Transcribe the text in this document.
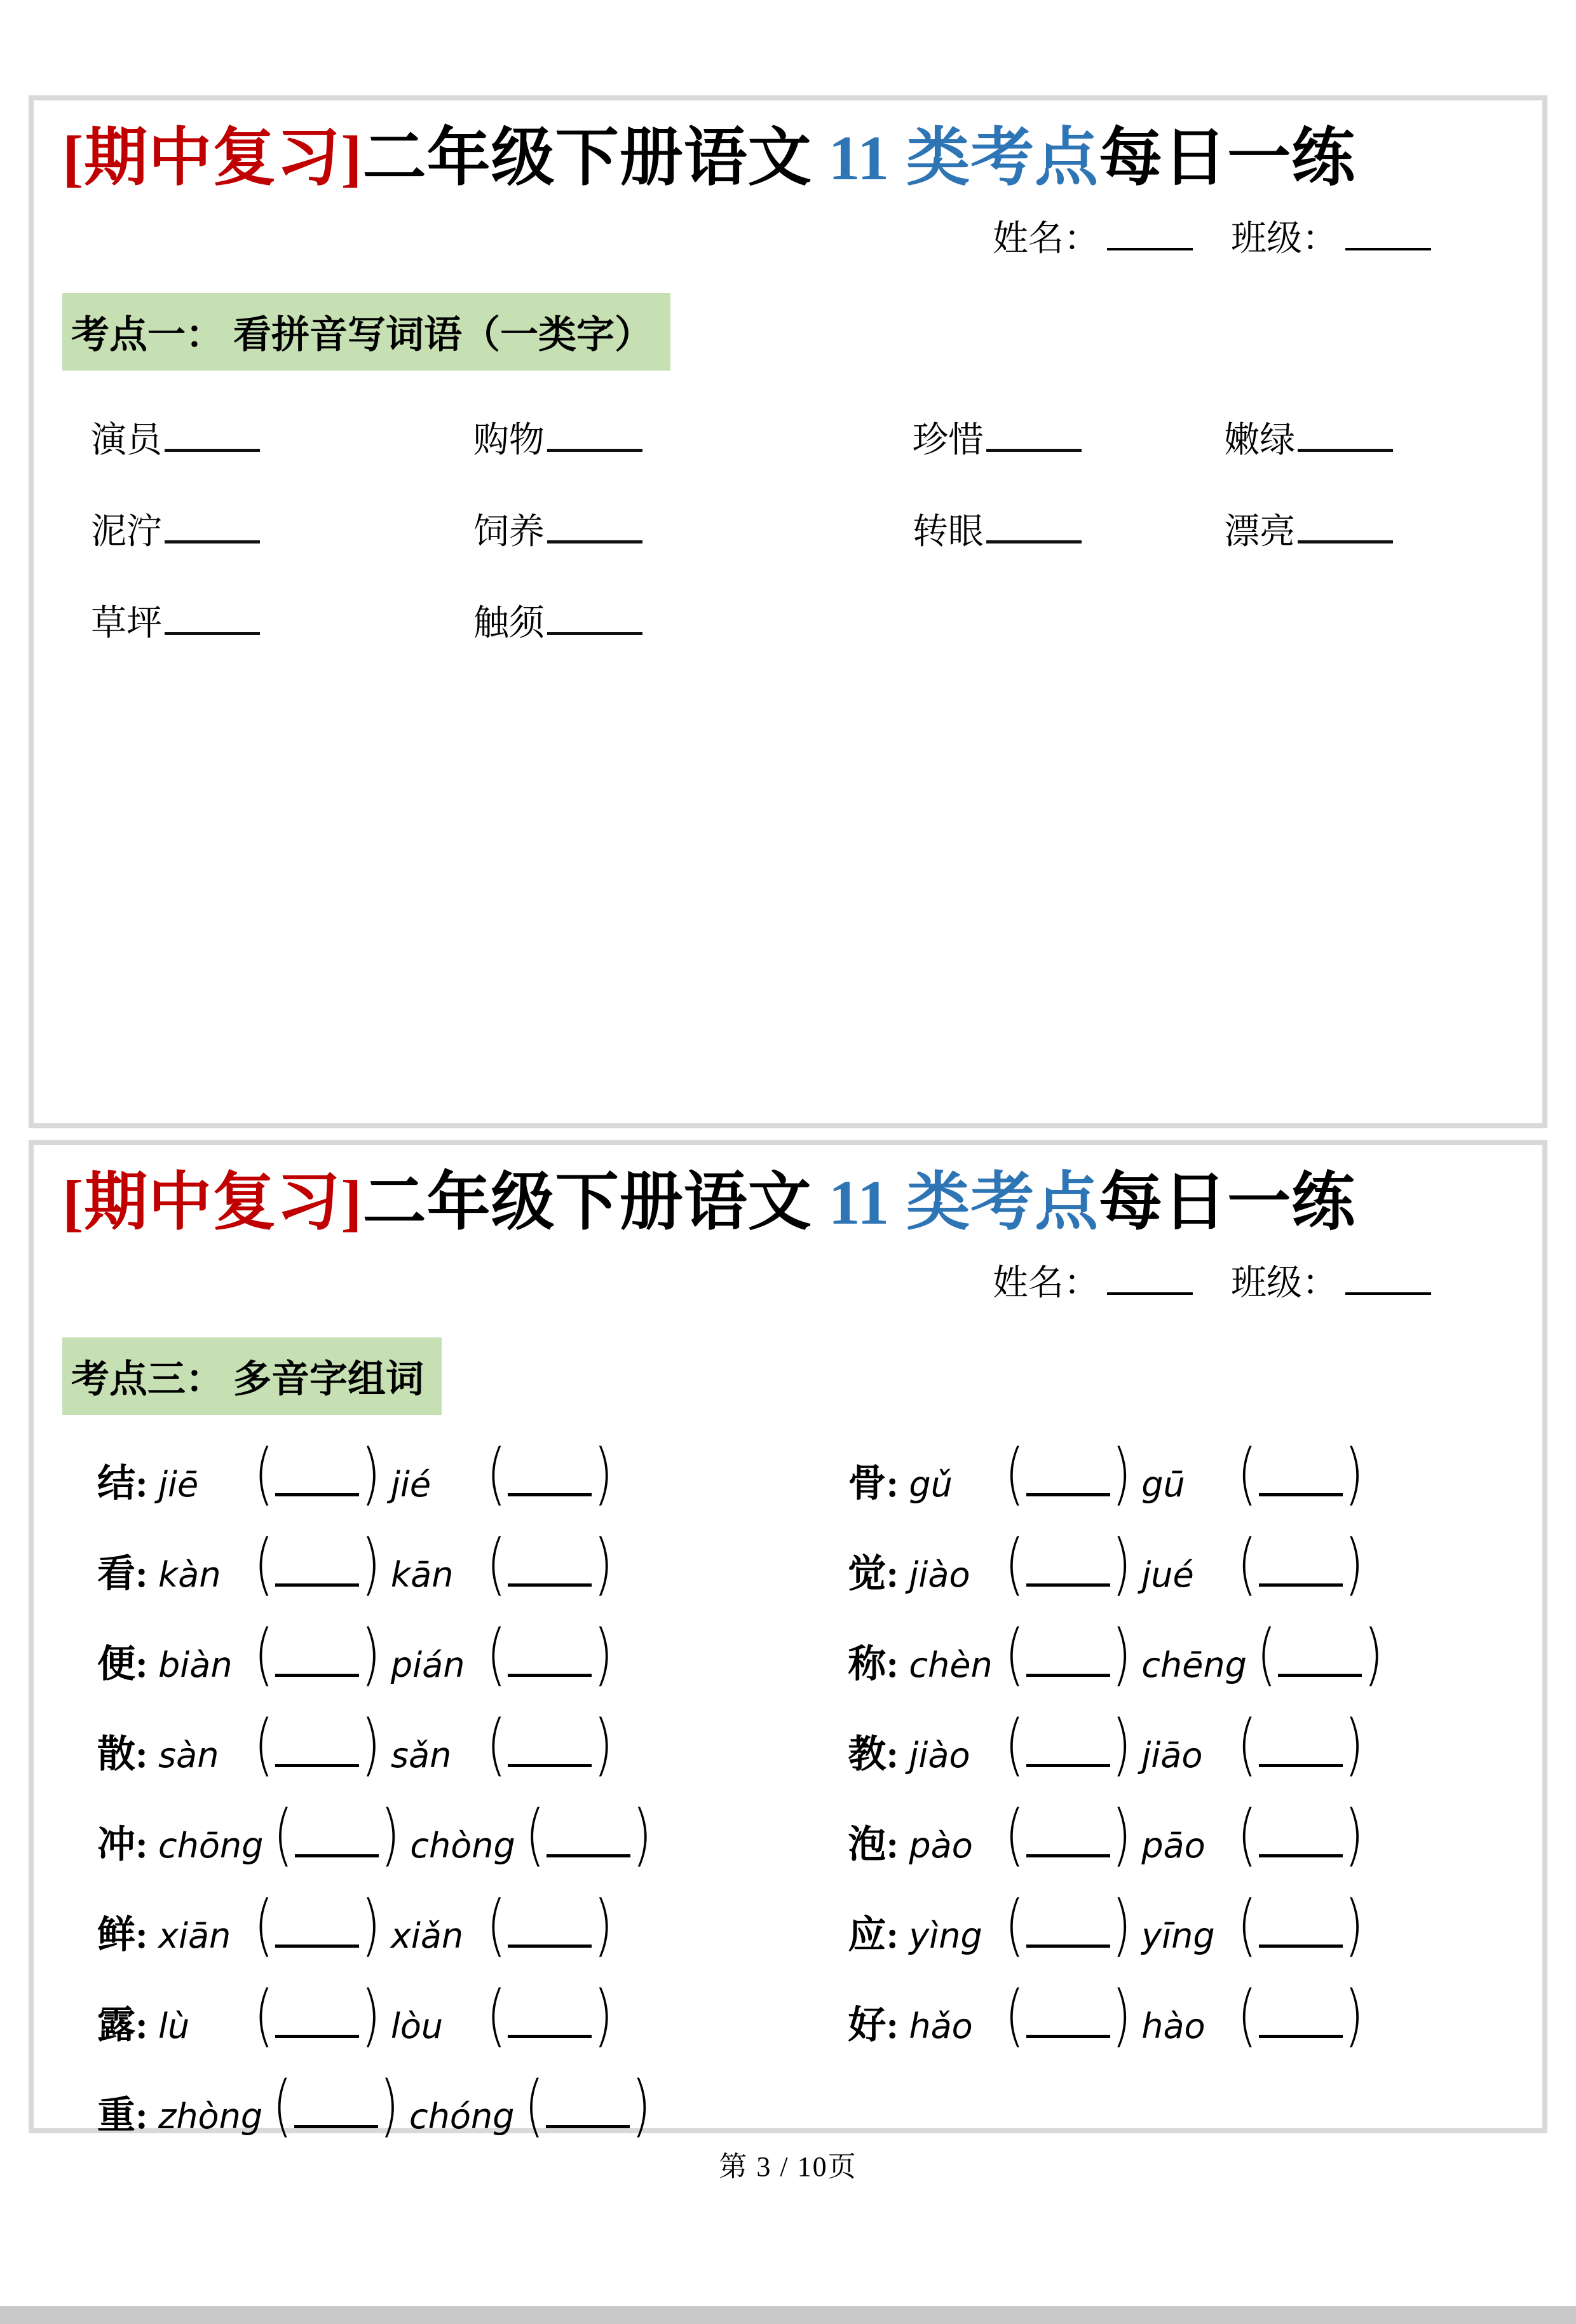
[期中复习]二年级下册语文 11 类考点每日一练
姓名：	班级：
考点一： 看拼音写词语（一类字）
演员	购物	珍惜	嫩绿
泥泞	饲养	转眼	漂亮
草坪	触须
[期中复习]二年级下册语文 11 类考点每日一练
姓名：	班级：
考点三： 多音字组词
结: jiē	( ) jié	( )	骨: gǔ	( ) gū	( )
看: kàn ( ) kān ( )	觉: jiào ( ) jué ( )
便: biàn ( ) pián ( )	称: chèn ( ) chēng ( )
散: sàn ( ) sǎn ( )	教: jiào ( ) jiāo ( )
冲: chōng ( ) chòng ( )	泡: pào ( ) pāo ( )
鲜: xiān ( ) xiǎn ( )	应: yìng ( ) yīng ( )
露: lù	( ) lòu ( )	好: hǎo ( ) hào ( )
重: zhòng ( ) chóng ( )
第 3 / 10页
